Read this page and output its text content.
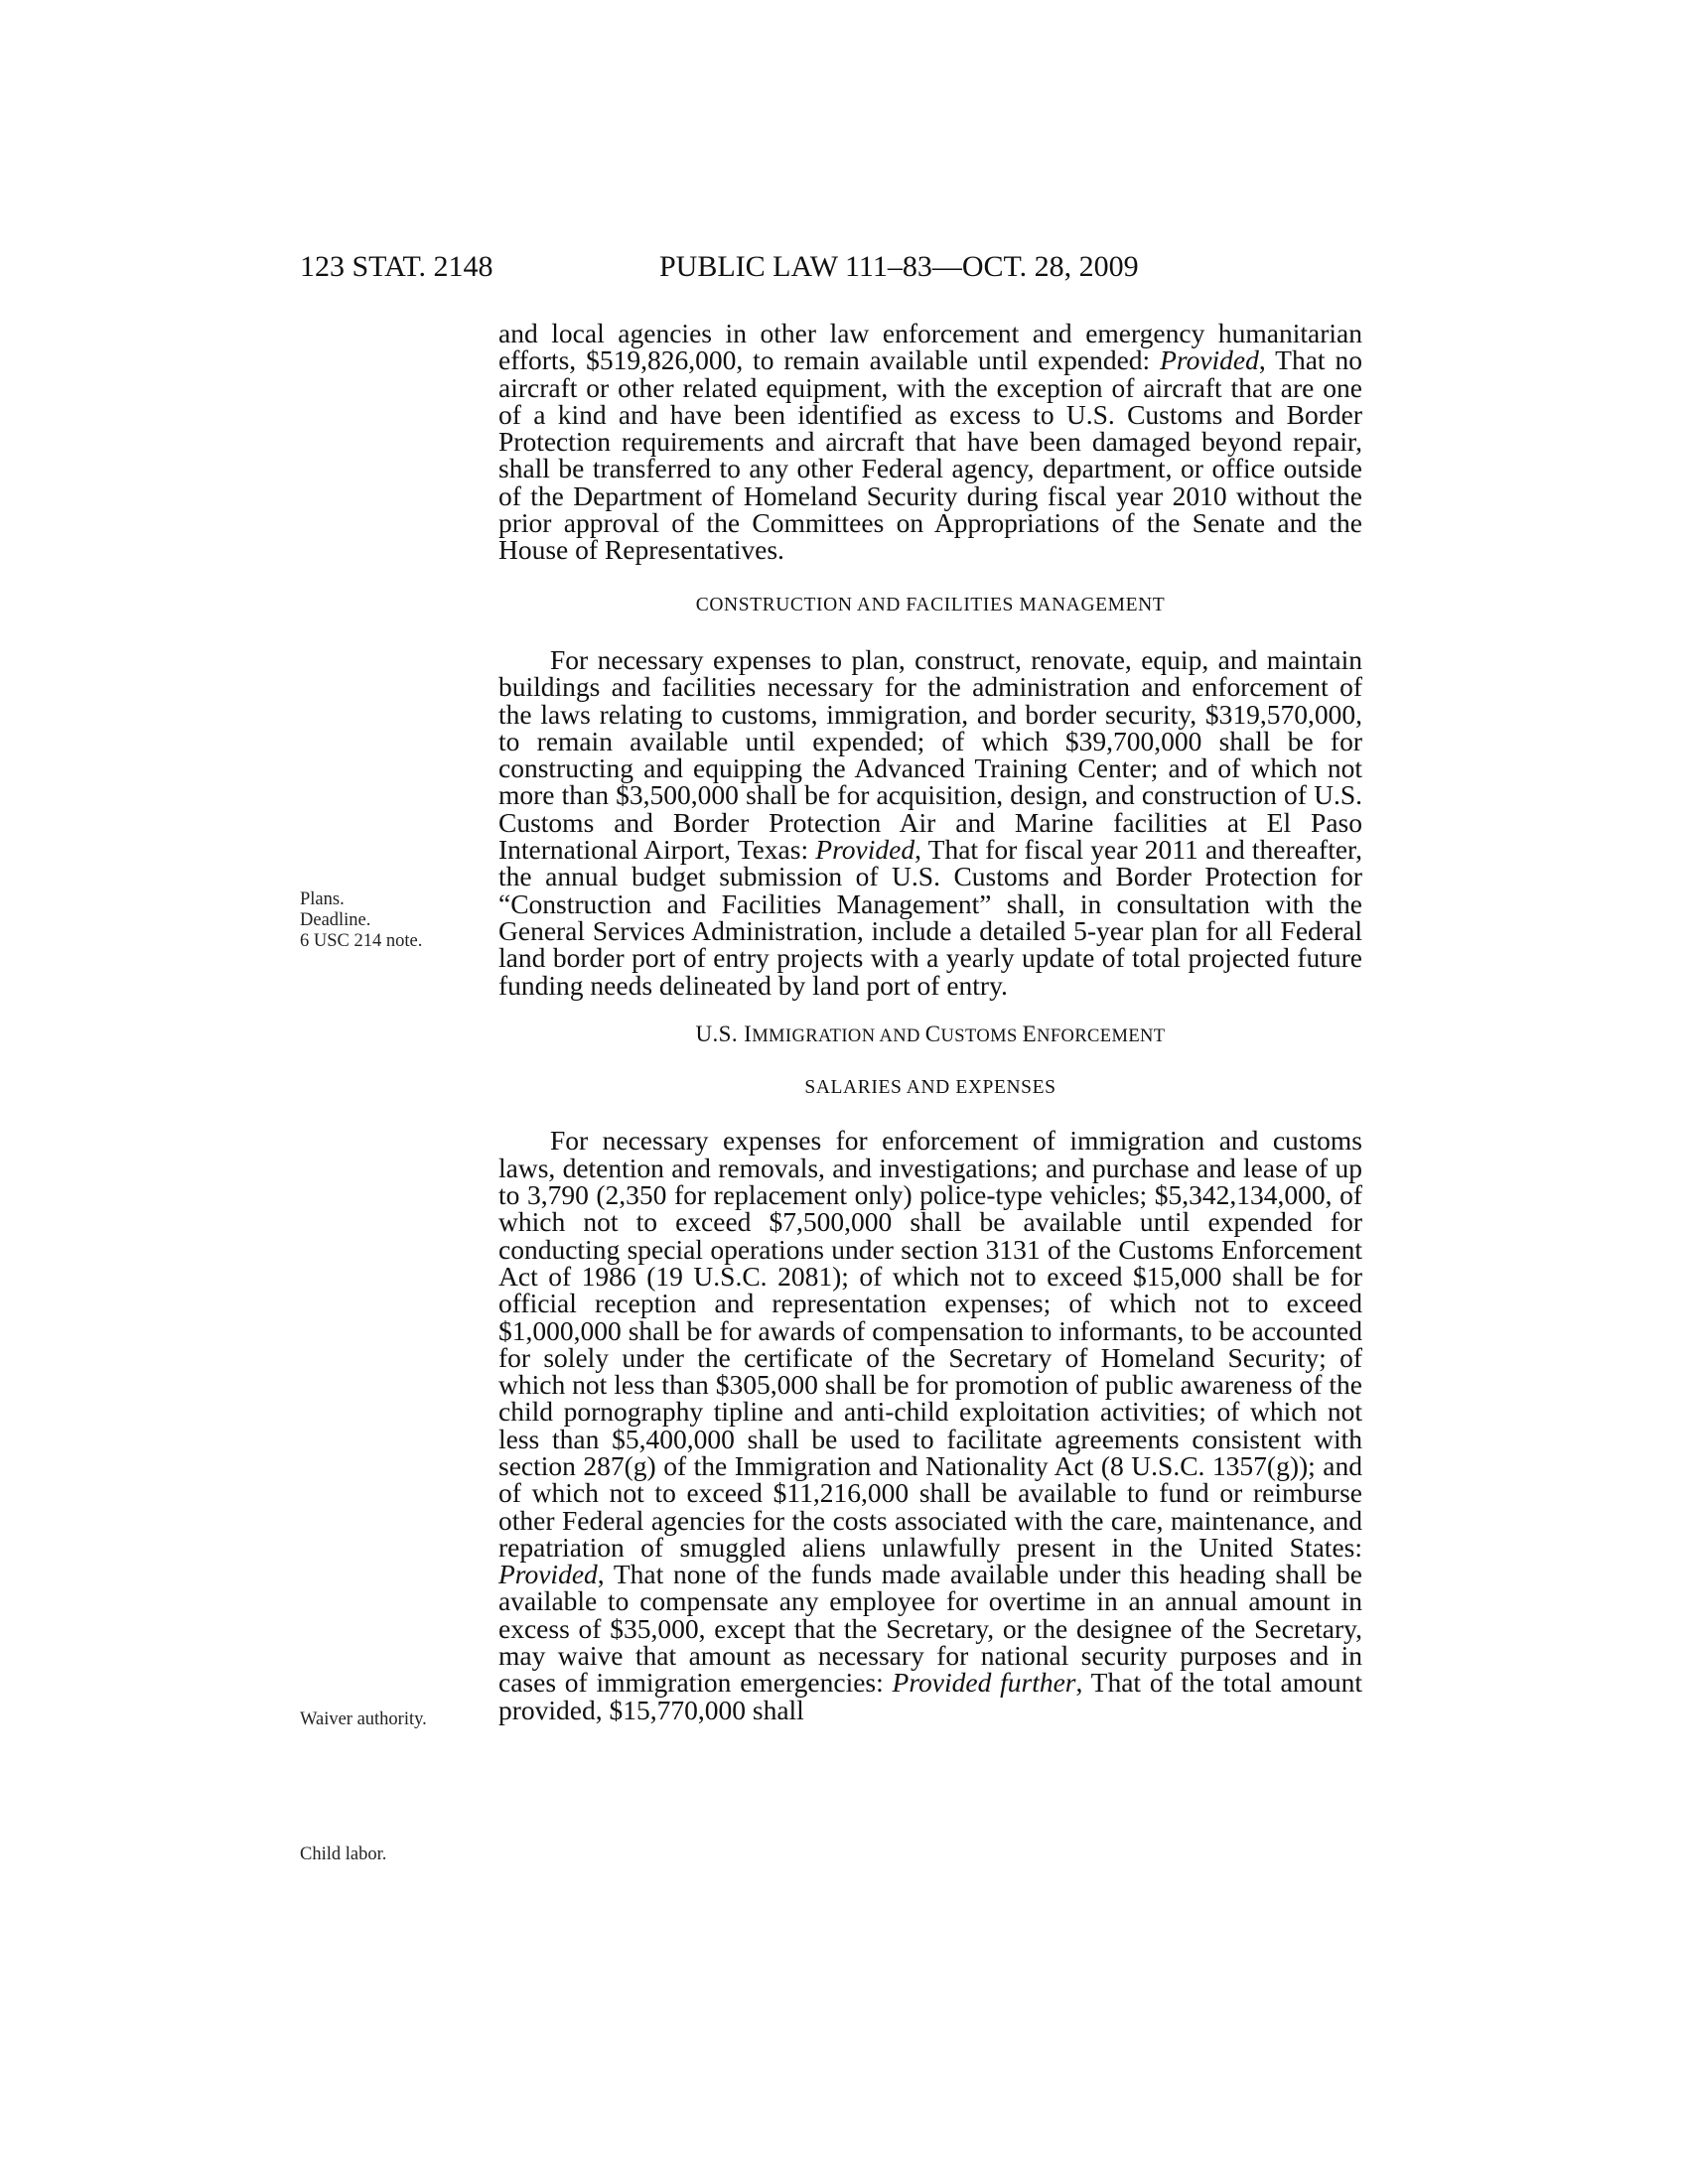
123 STAT. 2148	PUBLIC LAW 111–83—OCT. 28, 2009
Plans.
Deadline.
6 USC 214 note.
Waiver authority.
Child labor.

and local agencies in other law enforcement and emergency humanitarian efforts, $519,826,000, to remain available until expended: Provided, That no aircraft or other related equipment, with the exception of aircraft that are one of a kind and have been identified as excess to U.S. Customs and Border Protection requirements and aircraft that have been damaged beyond repair, shall be transferred to any other Federal agency, department, or office outside of the Department of Homeland Security during fiscal year 2010 without the prior approval of the Committees on Appropriations of the Senate and the House of Representatives.

CONSTRUCTION AND FACILITIES MANAGEMENT

For necessary expenses to plan, construct, renovate, equip, and maintain buildings and facilities necessary for the administration and enforcement of the laws relating to customs, immigration, and border security, $319,570,000, to remain available until expended; of which $39,700,000 shall be for constructing and equipping the Advanced Training Center; and of which not more than $3,500,000 shall be for acquisition, design, and construction of U.S. Customs and Border Protection Air and Marine facilities at El Paso International Airport, Texas: Provided, That for fiscal year 2011 and thereafter, the annual budget submission of U.S. Customs and Border Protection for “Construction and Facilities Management” shall, in consultation with the General Services Administration, include a detailed 5-year plan for all Federal land border port of entry projects with a yearly update of total projected future funding needs delineated by land port of entry.

U.S. IMMIGRATION AND CUSTOMS ENFORCEMENT
SALARIES AND EXPENSES

For necessary expenses for enforcement of immigration and customs laws, detention and removals, and investigations; and purchase and lease of up to 3,790 (2,350 for replacement only) police-type vehicles; $5,342,134,000, of which not to exceed $7,500,000 shall be available until expended for conducting special operations under section 3131 of the Customs Enforcement Act of 1986 (19 U.S.C. 2081); of which not to exceed $15,000 shall be for official reception and representation expenses; of which not to exceed $1,000,000 shall be for awards of compensation to informants, to be accounted for solely under the certificate of the Secretary of Homeland Security; of which not less than $305,000 shall be for promotion of public awareness of the child pornography tipline and anti-child exploitation activities; of which not less than $5,400,000 shall be used to facilitate agreements consistent with section 287(g) of the Immigration and Nationality Act (8 U.S.C. 1357(g)); and of which not to exceed $11,216,000 shall be available to fund or reimburse other Federal agencies for the costs associated with the care, maintenance, and repatriation of smuggled aliens unlawfully present in the United States: Provided, That none of the funds made available under this heading shall be available to compensate any employee for overtime in an annual amount in excess of $35,000, except that the Secretary, or the designee of the Secretary, may waive that amount as necessary for national security purposes and in cases of immigration emergencies: Provided further, That of the total amount provided, $15,770,000 shall
